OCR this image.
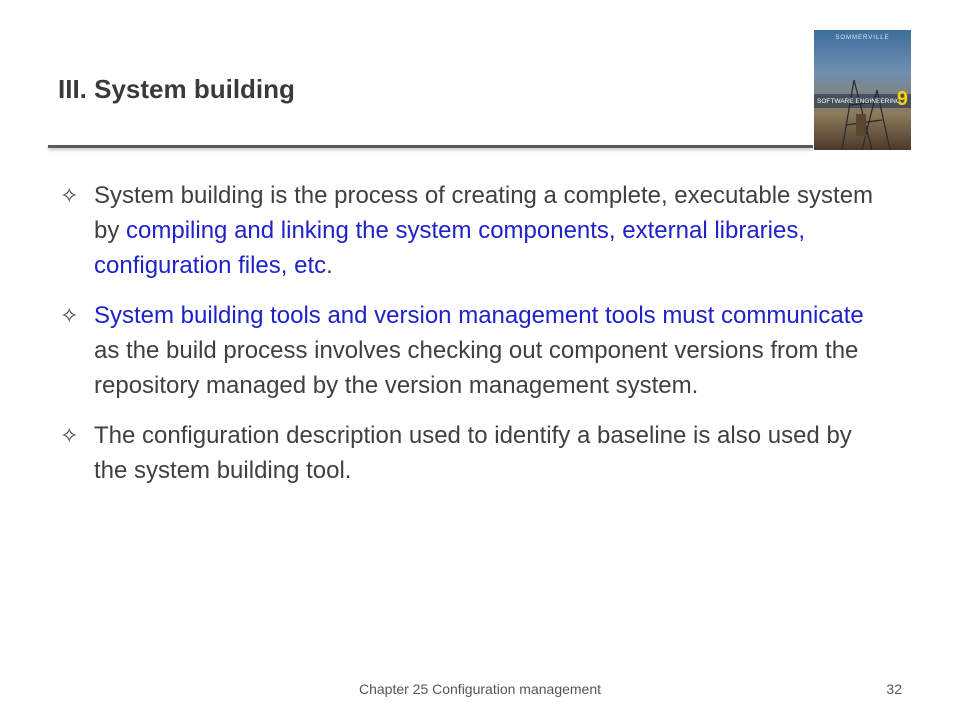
III. System building
SOMMERVILLE
SOFTWARE ENGINEERING
9
✧ System building is the process of creating a complete, executable system by compiling and linking the system components, external libraries, configuration files, etc.
✧ System building tools and version management tools must communicate as the build process involves checking out component versions from the repository managed by the version management system.
✧ The configuration description used to identify a baseline is also used by the system building tool.
Chapter 25 Configuration management	32
